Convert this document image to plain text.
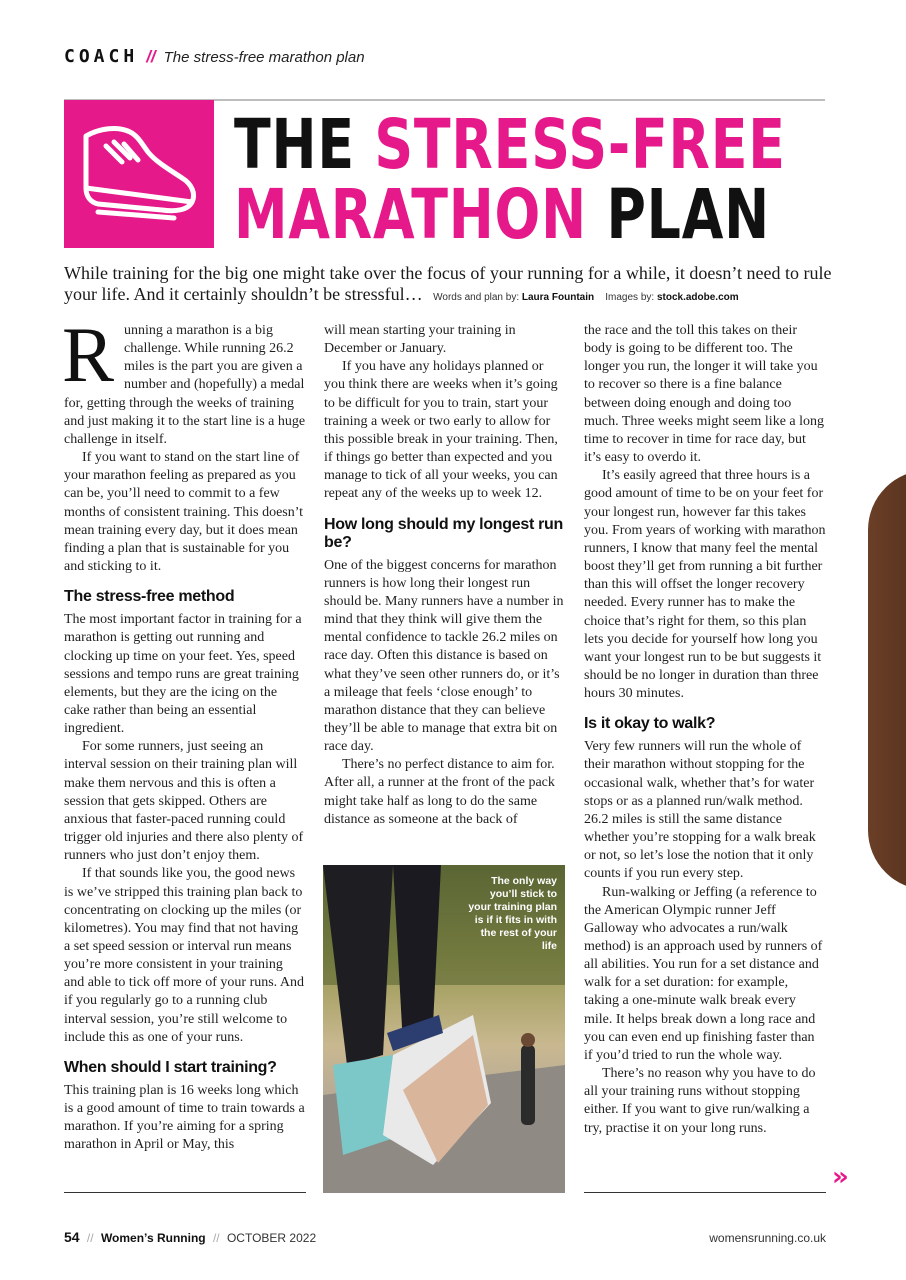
COACH // The stress-free marathon plan
THE STRESS-FREE
MARATHON PLAN
While training for the big one might take over the focus of your running for a while, it doesn’t need to rule your life. And it certainly shouldn’t be stressful… Words and plan by: Laura Fountain Images by: stock.adobe.com

Running a marathon is a big challenge. While running 26.2 miles is the part you are given a number and (hopefully) a medal for, getting through the weeks of training and just making it to the start line is a huge challenge in itself.

If you want to stand on the start line of your marathon feeling as prepared as you can be, you’ll need to commit to a few months of consistent training. This doesn’t mean training every day, but it does mean finding a plan that is sustainable for you and sticking to it.

The stress-free method

The most important factor in training for a marathon is getting out running and clocking up time on your feet. Yes, speed sessions and tempo runs are great training elements, but they are the icing on the cake rather than being an essential ingredient.

For some runners, just seeing an interval session on their training plan will make them nervous and this is often a session that gets skipped. Others are anxious that faster-paced running could trigger old injuries and there also plenty of runners who just don’t enjoy them.

If that sounds like you, the good news is we’ve stripped this training plan back to concentrating on clocking up the miles (or kilometres). You may find that not having a set speed session or interval run means you’re more consistent in your training and able to tick off more of your runs. And if you regularly go to a running club interval session, you’re still welcome to include this as one of your runs.

When should I start training?

This training plan is 16 weeks long which is a good amount of time to train towards a marathon. If you’re aiming for a spring marathon in April or May, this

will mean starting your training in December or January.

If you have any holidays planned or you think there are weeks when it’s going to be difficult for you to train, start your training a week or two early to allow for this possible break in your training. Then, if things go better than expected and you manage to tick of all your weeks, you can repeat any of the weeks up to week 12.

How long should my longest run be?

One of the biggest concerns for marathon runners is how long their longest run should be. Many runners have a number in mind that they think will give them the mental confidence to tackle 26.2 miles on race day. Often this distance is based on what they’ve seen other runners do, or it’s a mileage that feels ‘close enough’ to marathon distance that they can believe they’ll be able to manage that extra bit on race day.

There’s no perfect distance to aim for. After all, a runner at the front of the pack might take half as long to do the same distance as someone at the back of

The only way you’ll stick to your training plan is if it fits in with the rest of your life

the race and the toll this takes on their body is going to be different too. The longer you run, the longer it will take you to recover so there is a fine balance between doing enough and doing too much. Three weeks might seem like a long time to recover in time for race day, but it’s easy to overdo it.

It’s easily agreed that three hours is a good amount of time to be on your feet for your longest run, however far this takes you. From years of working with marathon runners, I know that many feel the mental boost they’ll get from running a bit further than this will offset the longer recovery needed. Every runner has to make the choice that’s right for them, so this plan lets you decide for yourself how long you want your longest run to be but suggests it should be no longer in duration than three hours 30 minutes.

Is it okay to walk?

Very few runners will run the whole of their marathon without stopping for the occasional walk, whether that’s for water stops or as a planned run/walk method. 26.2 miles is still the same distance whether you’re stopping for a walk break or not, so let’s lose the notion that it only counts if you run every step.

Run-walking or Jeffing (a reference to the American Olympic runner Jeff Galloway who advocates a run/walk method) is an approach used by runners of all abilities. You run for a set distance and walk for a set duration: for example, taking a one-minute walk break every mile. It helps break down a long race and you can even end up finishing faster than if you’d tried to run the whole way.

There’s no reason why you have to do all your training runs without stopping either. If you want to give run/walking a try, practise it on your long runs.

»
54 // Women’s Running // OCTOBER 2022	womensrunning.co.uk
